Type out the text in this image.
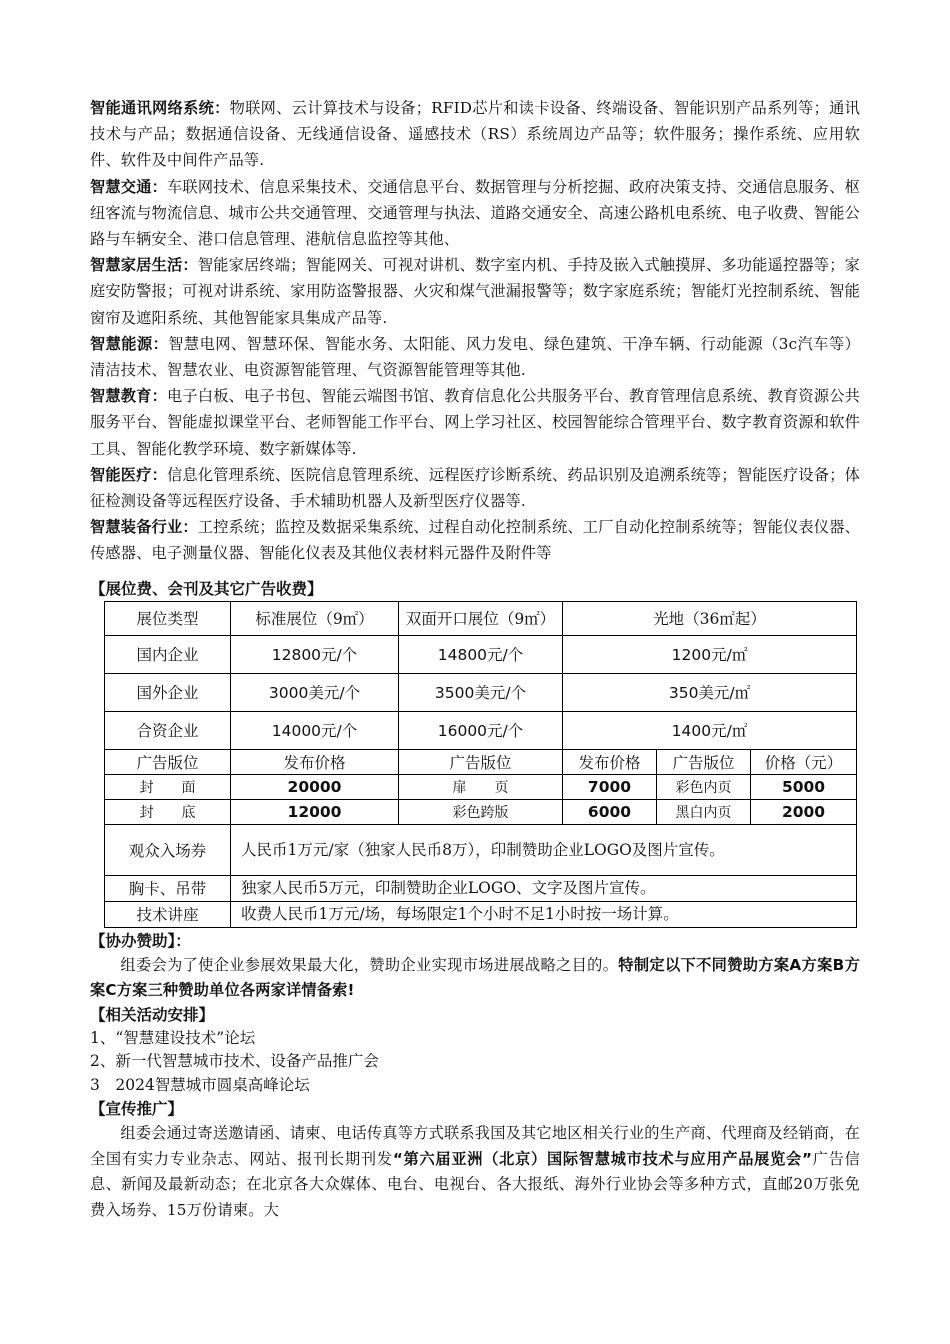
智能通讯网络系统：物联网、云计算技术与设备；RFID芯片和读卡设备、终端设备、智能识别产品系列等；通讯技术与产品；数据通信设备、无线通信设备、遥感技术（RS）系统周边产品等；软件服务；操作系统、应用软件、软件及中间件产品等.

智慧交通：车联网技术、信息采集技术、交通信息平台、数据管理与分析挖掘、政府决策支持、交通信息服务、枢纽客流与物流信息、城市公共交通管理、交通管理与执法、道路交通安全、高速公路机电系统、电子收费、智能公路与车辆安全、港口信息管理、港航信息监控等其他、

智慧家居生活：智能家居终端；智能网关、可视对讲机、数字室内机、手持及嵌入式触摸屏、多功能遥控器等；家庭安防警报；可视对讲系统、家用防盗警报器、火灾和煤气泄漏报警等；数字家庭系统；智能灯光控制系统、智能窗帘及遮阳系统、其他智能家具集成产品等.

智慧能源：智慧电网、智慧环保、智能水务、太阳能、风力发电、绿色建筑、干净车辆、行动能源（3c汽车等）清洁技术、智慧农业、电资源智能管理、气资源智能管理等其他.

智慧教育：电子白板、电子书包、智能云端图书馆、教育信息化公共服务平台、教育管理信息系统、教育资源公共服务平台、智能虚拟课堂平台、老师智能工作平台、网上学习社区、校园智能综合管理平台、数字教育资源和软件工具、智能化教学环境、数字新媒体等.

智能医疗：信息化管理系统、医院信息管理系统、远程医疗诊断系统、药品识别及追溯系统等；智能医疗设备；体征检测设备等远程医疗设备、手术辅助机器人及新型医疗仪器等.

智慧装备行业：工控系统；监控及数据采集系统、过程自动化控制系统、工厂自动化控制系统等；智能仪表仪器、传感器、电子测量仪器、智能化仪表及其他仪表材料元器件及附件等

【展位费、会刊及其它广告收费】

展位类型	标准展位（9㎡）	双面开口展位（9㎡）	光地（36㎡起）		
国内企业	12800元/个	14800元/个	1200元/㎡		
国外企业	3000美元/个	3500美元/个	350美元/㎡		
合资企业	14000元/个	16000元/个	1400元/㎡		
广告版位	发布价格	广告版位	发布价格	广告版位	价格（元）
封　　面	20000	扉　　页	7000	彩色内页	5000
封　　底	12000	彩色跨版	6000	黑白内页	2000
观众入场券	人民币1万元/家（独家人民币8万），印制赞助企业LOGO及图片宣传。				
胸卡、吊带	独家人民币5万元，印制赞助企业LOGO、文字及图片宣传。				
技术讲座	收费人民币1万元/场，每场限定1个小时不足1小时按一场计算。				

【协办赞助】：

组委会为了使企业参展效果最大化，赞助企业实现市场进展战略之目的。特制定以下不同赞助方案A方案B方案C方案三种赞助单位各两家详情备索!

【相关活动安排】

1、“智慧建设技术”论坛

2、新一代智慧城市技术、设备产品推广会

3　2024智慧城市圆桌高峰论坛

【宣传推广】

组委会通过寄送邀请函、请柬、电话传真等方式联系我国及其它地区相关行业的生产商、代理商及经销商，在全国有实力专业杂志、网站、报刊长期刊发“第六届亚洲（北京）国际智慧城市技术与应用产品展览会”广告信息、新闻及最新动态；在北京各大众媒体、电台、电视台、各大报纸、海外行业协会等多种方式，直邮20万张免费入场券、15万份请柬。大
